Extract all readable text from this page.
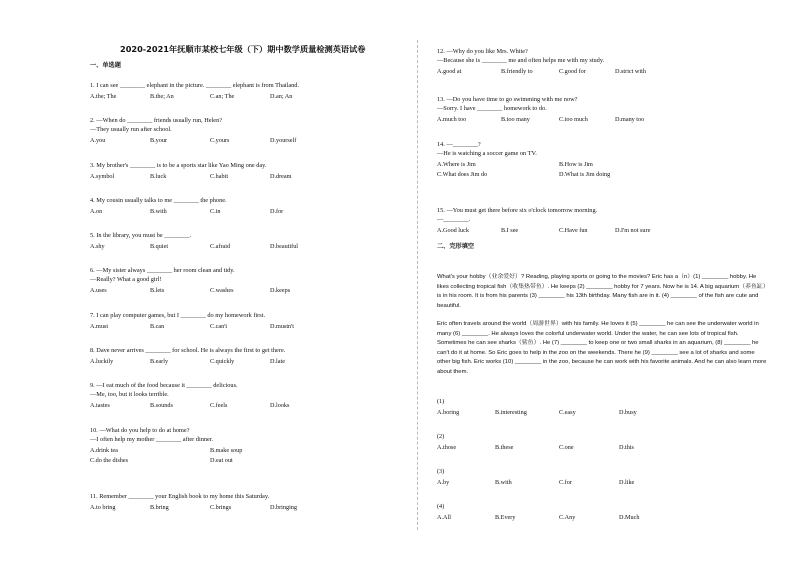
2020-2021年抚顺市某校七年级（下）期中数学质量检测英语试卷
一、单选题
1. I can see ________ elephant in the picture. ________ elephant is from Thailand.
A.the; The	B.the; An	C.an; The	D.an; An
2. —When do ________ friends usually run, Helen?
—They usually run after school.
A.you	B.your	C.yours	D.yourself
3. My brother's ________ is to be a sports star like Yao Ming one day.
A.symbol	B.luck	C.habit	D.dream
4. My cousin usually talks to me ________ the phone.
A.on	B.with	C.in	D.for
5. In the library, you must be ________.
A.shy	B.quiet	C.afraid	D.beautiful
6. —My sister always ________ her room clean and tidy.
—Really? What a good girl!
A.uses	B.lets	C.washes	D.keeps
7. I can play computer games, but I ________ do my homework first.
A.must	B.can	C.can't	D.mustn't
8. Dave never arrives ________ for school. He is always the first to get there.
A.luckily	B.early	C.quickly	D.late
9. —I eat much of the food because it ________ delicious.
—Me, too, but it looks terrible.
A.tastes	B.sounds	C.feels	D.looks
10. —What do you help to do at home?
—I often help my mother ________ after dinner.
A.drink tea	B.make soup
C.do the dishes	D.eat out
11. Remember ________ your English book to my home this Saturday.
A.to bring	B.bring	C.brings	D.bringing
12. —Why do you like Mrs. White?
—Because she is ________ me and often helps me with my study.
A.good at	B.friendly to	C.good for	D.strict with
13. —Do you have time to go swimming with me now?
—Sorry. I have ________ homework to do.
A.much too	B.too many	C.too much	D.many too
14. —________?
—He is watching a soccer game on TV.
A.Where is Jim	B.How is Jim
C.What does Jim do	D.What is Jim doing
15. —You must get there before six o'clock tomorrow morning.
—________.
A.Good luck	B.I see	C.Have fun	D.I'm not sure
二、完形填空
What's your hobby（业余爱好）? Reading, playing sports or going to the movies? Eric has a（n）(1) ________ hobby. He likes collecting tropical fish（收集热带鱼）. He keeps (2) ________ hobby for 7 years. Now he is 14. A big aquarium（养鱼缸）is in his room. It is from his parents (3) ________ his 13th birthday. Many fish are in it. (4) ________ of the fish are cute and beautiful.
Eric often travels around the world（周游世界）with his family. He loves it (5) ________ he can see the underwater world in many (6) ________. He always loves the colorful underwater world. Under the water, he can see lots of tropical fish. Sometimes he can see sharks（鲨鱼）. He (7) ________ to keep one or two small sharks in an aquarium, (8) ________ he can't do it at home. So Eric goes to help in the zoo on the weekends. There he (9) ________ see a lot of sharks and some other big fish. Eric works (10) ________ in the zoo, because he can work with his favorite animals. And he can also learn more about them.
(1)
A.boring	B.interesting	C.easy	D.busy
(2)
A.those	B.these	C.one	D.this
(3)
A.by	B.with	C.for	D.like
(4)
A.All	B.Every	C.Any	D.Much
